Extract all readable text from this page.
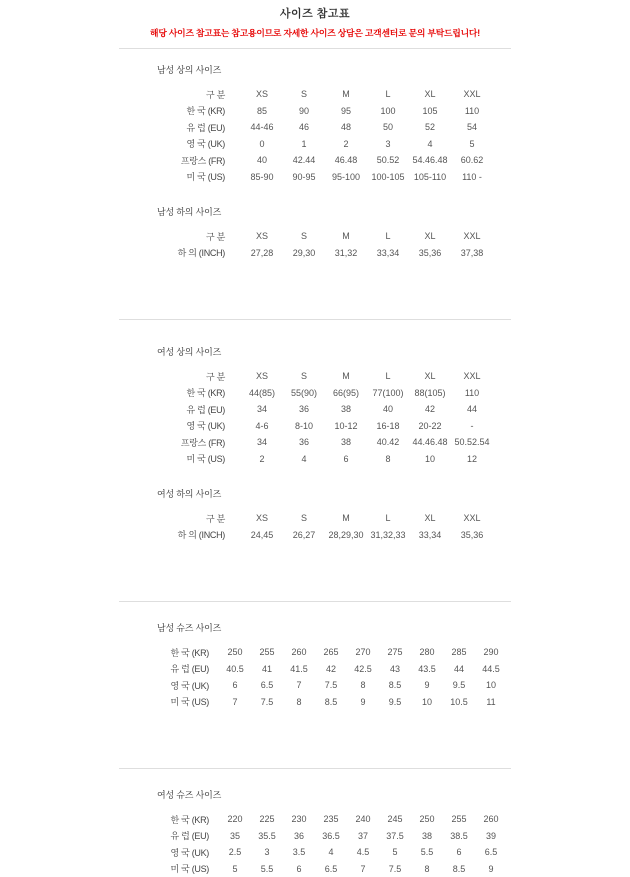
사이즈 참고표
해당 사이즈 참고표는 참고용이므로 자세한 사이즈 상담은 고객센터로 문의 부탁드립니다!
남성 상의 사이즈
구 분	XS	S	M	L	XL	XXL
한 국 (KR)	85	90	95	100	105	110
유 럽 (EU)	44-46	46	48	50	52	54
영 국 (UK)	0	1	2	3	4	5
프랑스 (FR)	40	42.44	46.48	50.52	54.46.48	60.62
미 국 (US)	85-90	90-95	95-100	100-105	105-110	110 -
남성 하의 사이즈
구 분	XS	S	M	L	XL	XXL
하 의 (INCH)	27,28	29,30	31,32	33,34	35,36	37,38
여성 상의 사이즈
구 분	XS	S	M	L	XL	XXL
한 국 (KR)	44(85)	55(90)	66(95)	77(100)	88(105)	110
유 럽 (EU)	34	36	38	40	42	44
영 국 (UK)	4-6	8-10	10-12	16-18	20-22	-
프랑스 (FR)	34	36	38	40.42	44.46.48	50.52.54
미 국 (US)	2	4	6	8	10	12
여성 하의 사이즈
구 분	XS	S	M	L	XL	XXL
하 의 (INCH)	24,45	26,27	28,29,30	31,32,33	33,34	35,36
남성 슈즈 사이즈
한 국 (KR)	250	255	260	265	270	275	280	285	290
유 럽 (EU)	40.5	41	41.5	42	42.5	43	43.5	44	44.5
영 국 (UK)	6	6.5	7	7.5	8	8.5	9	9.5	10
미 국 (US)	7	7.5	8	8.5	9	9.5	10	10.5	11
여성 슈즈 사이즈
한 국 (KR)	220	225	230	235	240	245	250	255	260
유 럽 (EU)	35	35.5	36	36.5	37	37.5	38	38.5	39
영 국 (UK)	2.5	3	3.5	4	4.5	5	5.5	6	6.5
미 국 (US)	5	5.5	6	6.5	7	7.5	8	8.5	9
